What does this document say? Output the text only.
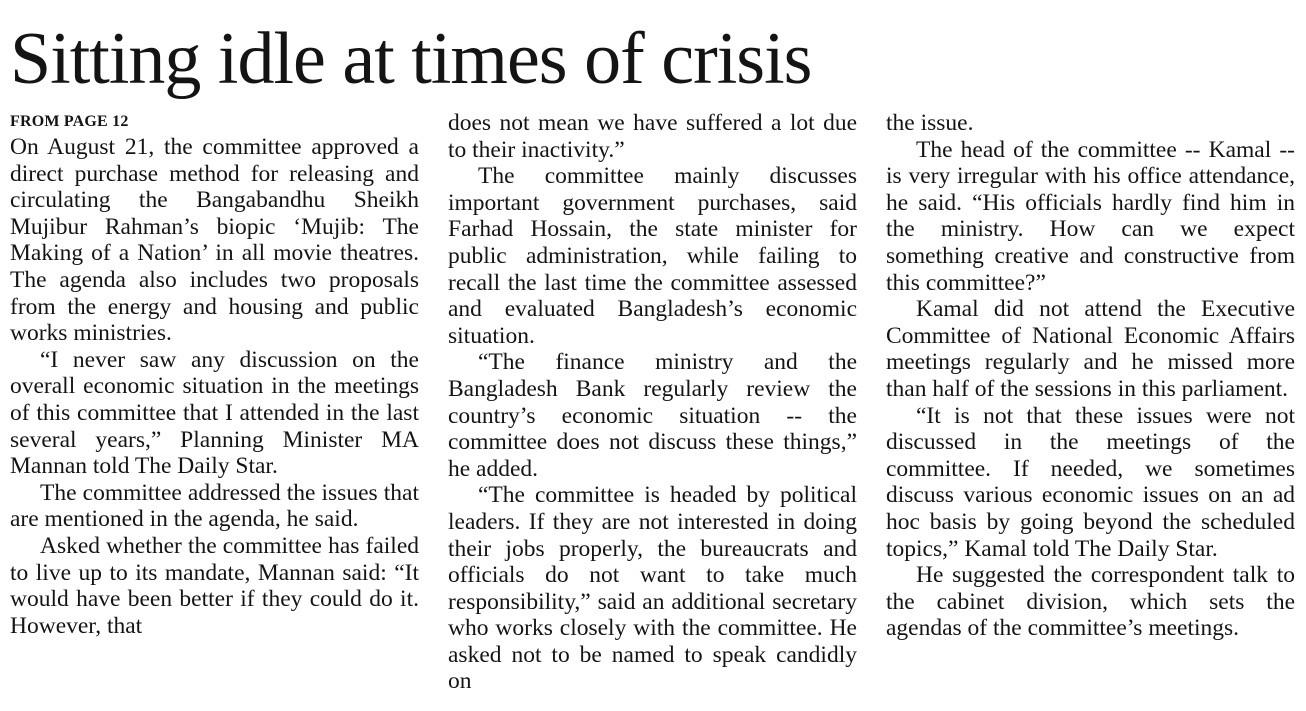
Sitting idle at times of crisis

FROM PAGE 12

On August 21, the committee approved a direct purchase method for releasing and circulating the Bangabandhu Sheikh Mujibur Rahman’s biopic ‘Mujib: The Making of a Nation’ in all movie theatres. The agenda also includes two proposals from the energy and housing and public works ministries.

“I never saw any discussion on the overall economic situation in the meetings of this committee that I attended in the last several years,” Planning Minister MA Mannan told The Daily Star.

The committee addressed the issues that are mentioned in the agenda, he said.

Asked whether the committee has failed to live up to its mandate, Mannan said: “It would have been better if they could do it. However, that

does not mean we have suffered a lot due to their inactivity.”

The committee mainly discusses important government purchases, said Farhad Hossain, the state minister for public administration, while failing to recall the last time the committee assessed and evaluated Bangladesh’s economic situation.

“The finance ministry and the Bangladesh Bank regularly review the country’s economic situation -- the committee does not discuss these things,” he added.

“The committee is headed by political leaders. If they are not interested in doing their jobs properly, the bureaucrats and officials do not want to take much responsibility,” said an additional secretary who works closely with the committee. He asked not to be named to speak candidly on

the issue.

The head of the committee -- Kamal -- is very irregular with his office attendance, he said. “His officials hardly find him in the ministry. How can we expect something creative and constructive from this committee?”

Kamal did not attend the Executive Committee of National Economic Affairs meetings regularly and he missed more than half of the sessions in this parliament.

“It is not that these issues were not discussed in the meetings of the committee. If needed, we sometimes discuss various economic issues on an ad hoc basis by going beyond the scheduled topics,” Kamal told The Daily Star.

He suggested the correspondent talk to the cabinet division, which sets the agendas of the committee’s meetings.
